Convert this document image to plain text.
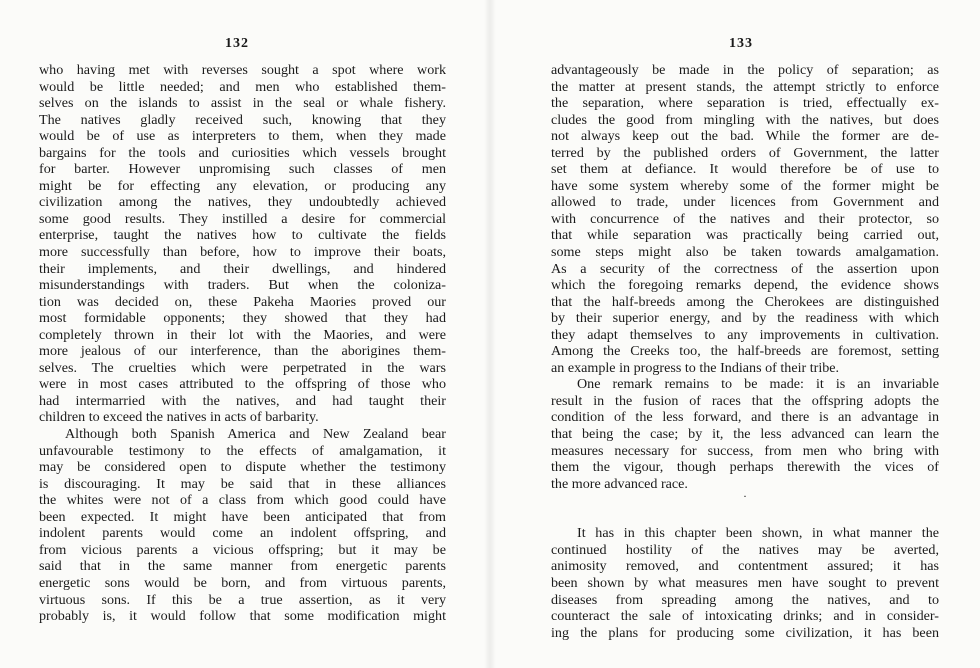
132
who having met with reverses sought a spot where work
would be little needed; and men who established them-
selves on the islands to assist in the seal or whale fishery.
The natives gladly received such, knowing that they
would be of use as interpreters to them, when they made
bargains for the tools and curiosities which vessels brought
for barter. However unpromising such classes of men
might be for effecting any elevation, or producing any
civilization among the natives, they undoubtedly achieved
some good results. They instilled a desire for commercial
enterprise, taught the natives how to cultivate the fields
more successfully than before, how to improve their boats,
their implements, and their dwellings, and hindered
misunderstandings with traders. But when the coloniza-
tion was decided on, these Pakeha Maories proved our
most formidable opponents; they showed that they had
completely thrown in their lot with the Maories, and were
more jealous of our interference, than the aborigines them-
selves. The cruelties which were perpetrated in the wars
were in most cases attributed to the offspring of those who
had intermarried with the natives, and had taught their
children to exceed the natives in acts of barbarity.
Although both Spanish America and New Zealand bear
unfavourable testimony to the effects of amalgamation, it
may be considered open to dispute whether the testimony
is discouraging. It may be said that in these alliances
the whites were not of a class from which good could have
been expected. It might have been anticipated that from
indolent parents would come an indolent offspring, and
from vicious parents a vicious offspring; but it may be
said that in the same manner from energetic parents
energetic sons would be born, and from virtuous parents,
virtuous sons. If this be a true assertion, as it very
probably is, it would follow that some modification might
133
advantageously be made in the policy of separation; as
the matter at present stands, the attempt strictly to enforce
the separation, where separation is tried, effectually ex-
cludes the good from mingling with the natives, but does
not always keep out the bad. While the former are de-
terred by the published orders of Government, the latter
set them at defiance. It would therefore be of use to
have some system whereby some of the former might be
allowed to trade, under licences from Government and
with concurrence of the natives and their protector, so
that while separation was practically being carried out,
some steps might also be taken towards amalgamation.
As a security of the correctness of the assertion upon
which the foregoing remarks depend, the evidence shows
that the half-breeds among the Cherokees are distinguished
by their superior energy, and by the readiness with which
they adapt themselves to any improvements in cultivation.
Among the Creeks too, the half-breeds are foremost, setting
an example in progress to the Indians of their tribe.
One remark remains to be made: it is an invariable
result in the fusion of races that the offspring adopts the
condition of the less forward, and there is an advantage in
that being the case; by it, the less advanced can learn the
measures necessary for success, from men who bring with
them the vigour, though perhaps therewith the vices of
the more advanced race.
·
It has in this chapter been shown, in what manner the
continued hostility of the natives may be averted,
animosity removed, and contentment assured; it has
been shown by what measures men have sought to prevent
diseases from spreading among the natives, and to
counteract the sale of intoxicating drinks; and in consider-
ing the plans for producing some civilization, it has been
